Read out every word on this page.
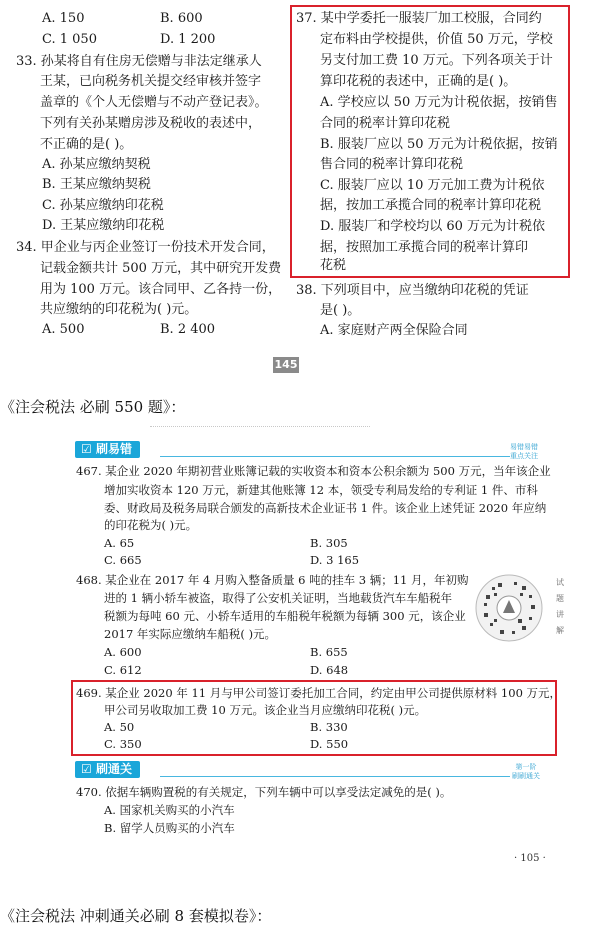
A. 150	B. 600
C. 1 050	D. 1 200
33. 孙某将自有住房无偿赠与非法定继承人
王某，已向税务机关提交经审核并签字
盖章的《个人无偿赠与不动产登记表》。
下列有关孙某赠房涉及税收的表述中，
不正确的是( )。
A. 孙某应缴纳契税
B. 王某应缴纳契税
C. 孙某应缴纳印花税
D. 王某应缴纳印花税
34. 甲企业与丙企业签订一份技术开发合同，
记载金额共计 500 万元，其中研究开发费
用为 100 万元。该合同甲、乙各持一份，
共应缴纳的印花税为( )元。
A. 500	B. 2 400
37. 某中学委托一服装厂加工校服，合同约
定布料由学校提供，价值 50 万元，学校
另支付加工费 10 万元。下列各项关于计
算印花税的表述中，正确的是( )。
A. 学校应以 50 万元为计税依据，按销售
合同的税率计算印花税
B. 服装厂应以 50 万元为计税依据，按销
售合同的税率计算印花税
C. 服装厂应以 10 万元加工费为计税依
据，按加工承揽合同的税率计算印花税
D. 服装厂和学校均以 60 万元为计税依
据，按照加工承揽合同的税率计算印
花税
38. 下列项目中，应当缴纳印花税的凭证
是( )。
A. 家庭财产两全保险合同
145
《注会税法 必刷 550 题》：
☑ 刷易错	易错易错
重点关注
467. 某企业 2020 年期初营业账簿记载的实收资本和资本公积余额为 500 万元，当年该企业
增加实收资本 120 万元，新建其他账簿 12 本，领受专利局发给的专利证 1 件、市科
委、财政局及税务局联合颁发的高新技术企业证书 1 件。该企业上述凭证 2020 年应纳
的印花税为( )元。
A. 65	B. 305
C. 665	D. 3 165
468. 某企业在 2017 年 4 月购入整备质量 6 吨的挂车 3 辆；11 月，年初购
进的 1 辆小轿车被盗，取得了公安机关证明，当地载货汽车车船税年
税额为每吨 60 元、小轿车适用的车船税年税额为每辆 300 元，该企业
2017 年实际应缴纳车船税( )元。
A. 600	B. 655
C. 612	D. 648
试
题
讲
解
469. 某企业 2020 年 11 月与甲公司签订委托加工合同，约定由甲公司提供原材料 100 万元，
甲公司另收取加工费 10 万元。该企业当月应缴纳印花税( )元。
A. 50	B. 330
C. 350	D. 550
☑ 刷通关	第一阶
刷刷通关
470. 依据车辆购置税的有关规定，下列车辆中可以享受法定减免的是( )。
A. 国家机关购买的小汽车
B. 留学人员购买的小汽车
· 105 ·
《注会税法 冲刺通关必刷 8 套模拟卷》：
